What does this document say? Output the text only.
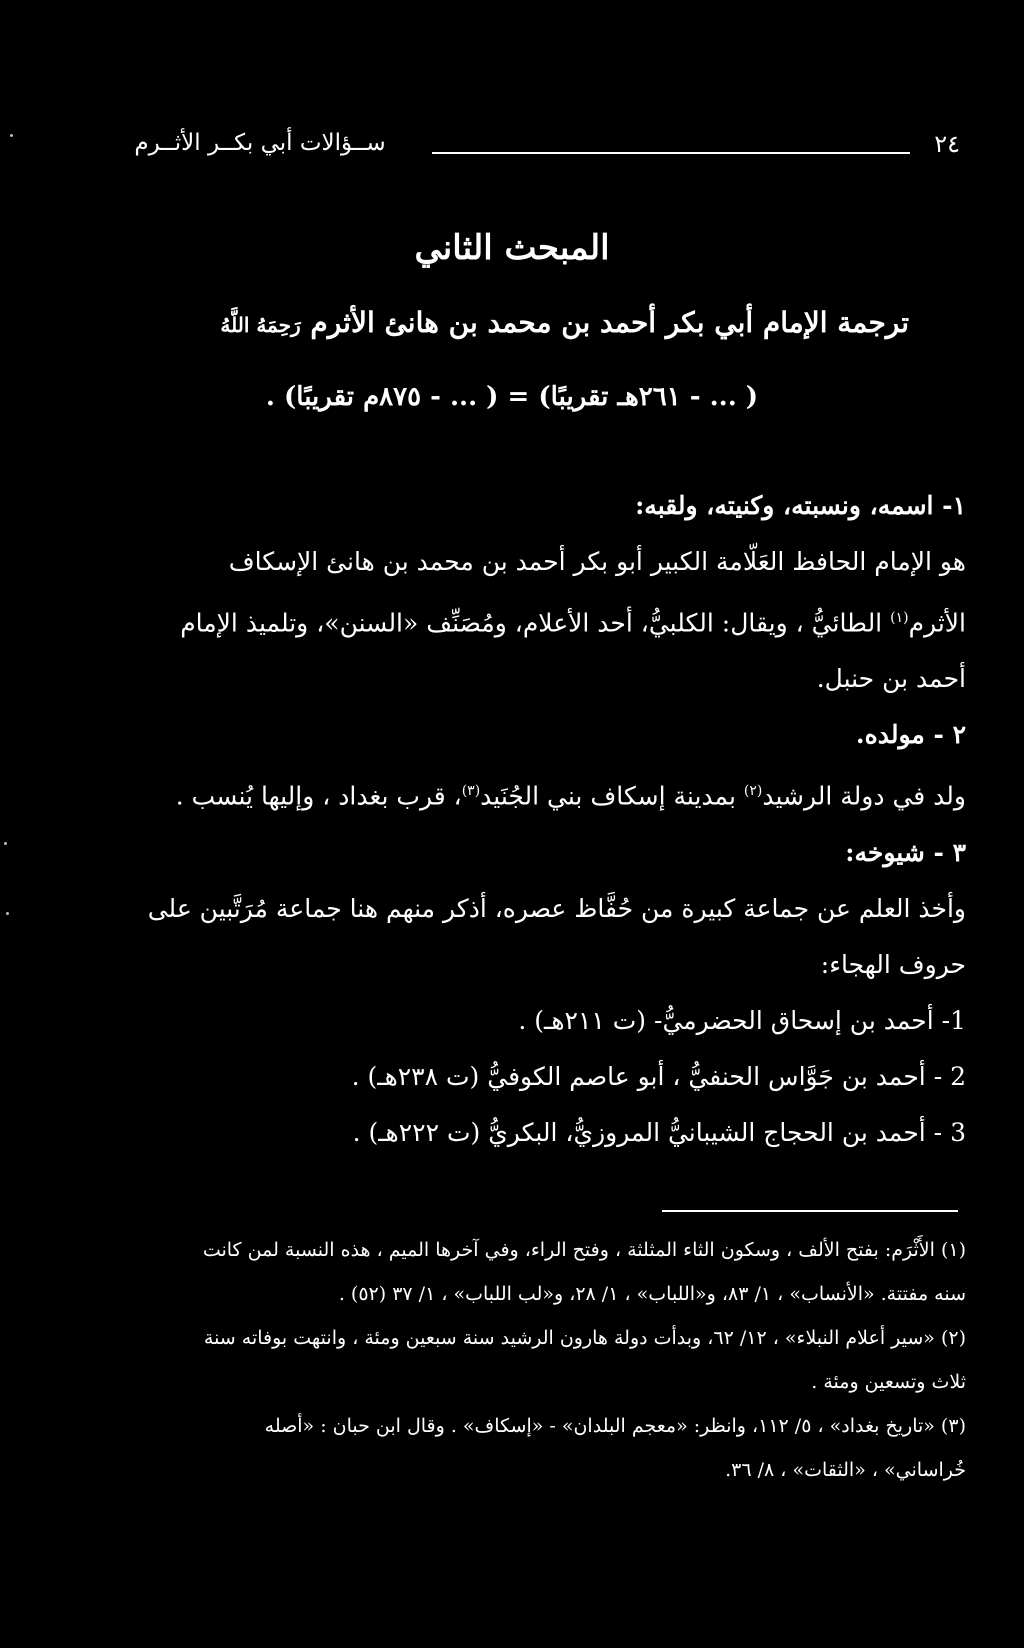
٢٤
ســؤالات أبي بكــر الأثــرم
المبحث الثاني
ترجمة الإمام أبي بكر أحمد بن محمد بن هانئ الأثرم رَحِمَهُ اللَّهُ
( ... - ٢٦١هـ تقريبًا) = ( ... - ٨٧٥م تقريبًا) .

١- اسمه، ونسبته، وكنيته، ولقبه:

هو الإمام الحافظ العَلّامة الكبير أبو بكر أحمد بن محمد بن هانئ الإسكاف

الأثرم$^{(١)}$ الطائيُّ ، ويقال: الكلبيُّ، أحد الأعلام، ومُصَنِّف «السنن»، وتلميذ الإمام

أحمد بن حنبل.

٢ - مولده.

ولد في دولة الرشيد$^{(٢)}$ بمدينة إسكاف بني الجُنَيد$^{(٣)}$، قرب بغداد ، وإليها يُنسب .

٣ - شيوخه:

وأخذ العلم عن جماعة كبيرة من حُفَّاظ عصره، أذكر منهم هنا جماعة مُرَتَّبين على

حروف الهجاء:

1- أحمد بن إسحاق الحضرميُّ- (ت ٢١١هـ) .
2 - أحمد بن جَوَّاس الحنفيُّ ، أبو عاصم الكوفيُّ (ت ٢٣٨هـ) .
3 - أحمد بن الحجاج الشيبانيُّ المروزيُّ، البكريُّ (ت ٢٢٢هـ) .

(١) الأَثْرَم: بفتح الألف ، وسكون الثاء المثلثة ، وفتح الراء، وفي آخرها الميم ، هذه النسبة لمن كانت

سنه مفتتة. «الأنساب» ، ١/ ٨٣، و«اللباب» ، ١/ ٢٨، و«لب اللباب» ، ١/ ٣٧ (٥٢) .

(٢) «سير أعلام النبلاء» ، ١٢/ ٦٢، وبدأت دولة هارون الرشيد سنة سبعين ومئة ، وانتهت بوفاته سنة

ثلاث وتسعين ومئة .

(٣) «تاريخ بغداد» ، ٥/ ١١٢، وانظر: «معجم البلدان» - «إسكاف» . وقال ابن حبان : «أصله

خُراساني» ، «الثقات» ، ٨/ ٣٦.
